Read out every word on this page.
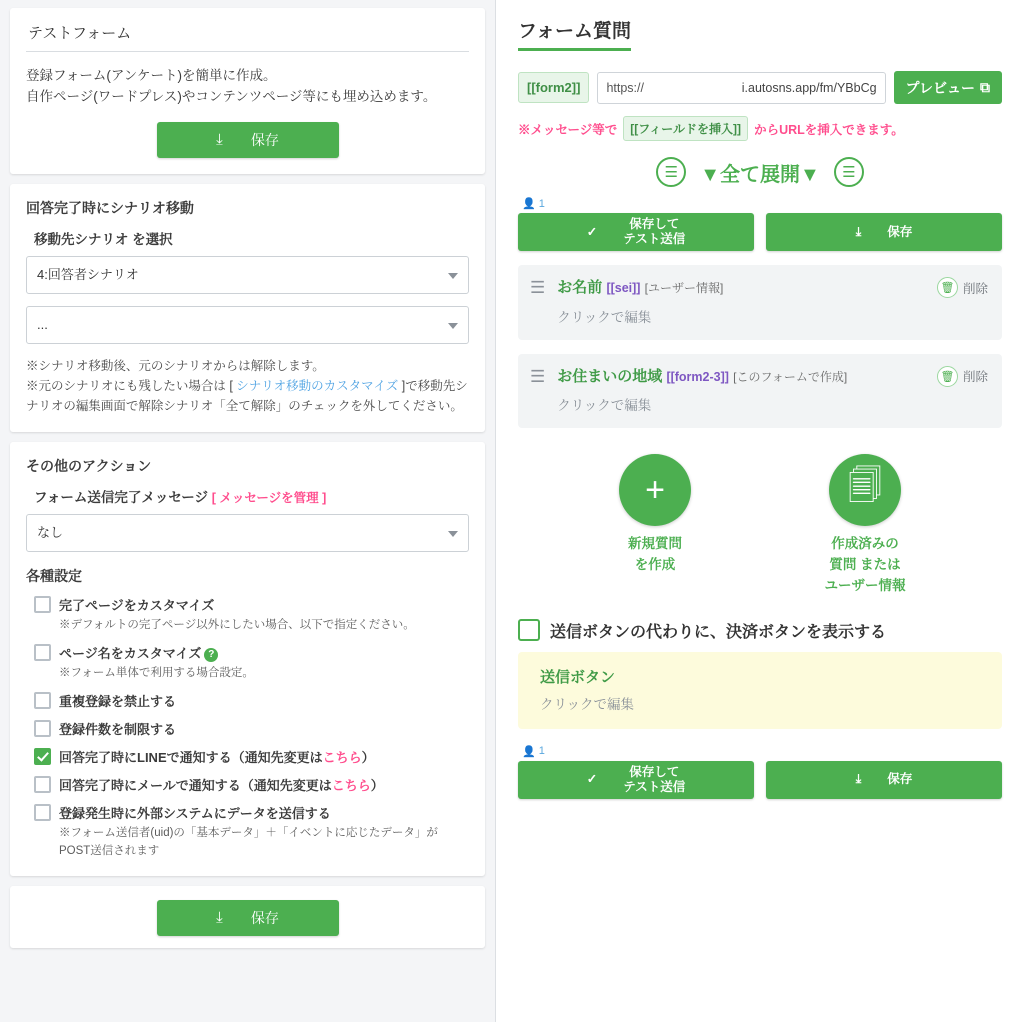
テストフォーム
登録フォーム(アンケート)を簡単に作成。
自作ページ(ワードプレス)やコンテンツページ等にも埋め込めます。
⤓ 保存
回答完了時にシナリオ移動
移動先シナリオ を選択
4:回答者シナリオ
...
※シナリオ移動後、元のシナリオからは解除します。
※元のシナリオにも残したい場合は [ シナリオ移動のカスタマイズ ]で移動先シナリオの編集画面で解除シナリオ「全て解除」のチェックを外してください。
その他のアクション
フォーム送信完了メッセージ [ メッセージを管理 ]
なし
各種設定
完了ページをカスタマイズ
※デフォルトの完了ページ以外にしたい場合、以下で指定ください。
ページ名をカスタマイズ ?
※フォーム単体で利用する場合設定。
重複登録を禁止する
登録件数を制限する
回答完了時にLINEで通知する（通知先変更はこちら）
回答完了時にメールで通知する（通知先変更はこちら）
登録発生時に外部システムにデータを送信する
※フォーム送信者(uid)の「基本データ」＋「イベントに応じたデータ」がPOST送信されます
⤓ 保存
フォーム質問
[[form2]]	https://	i.autosns.app/fm/YBbCg プレビュー ⧉
※メッセージ等で	[[フィールドを挿入]]	からURLを挿入できます。
☰	▼全て展開▼	☰
👤 1
✓
保存して
テスト送信
⤓ 保存
☰ お名前 [[sei]] [ユーザー情報]
クリックで編集
🗑 削除
☰ お住まいの地域 [[form2-3]] [このフォームで作成]
クリックで編集
🗑 削除
+
新規質問
を作成
🗐
作成済みの
質問 または
ユーザー情報
送信ボタンの代わりに、決済ボタンを表示する
送信ボタン
クリックで編集
👤 1
✓
保存して
テスト送信
⤓ 保存
